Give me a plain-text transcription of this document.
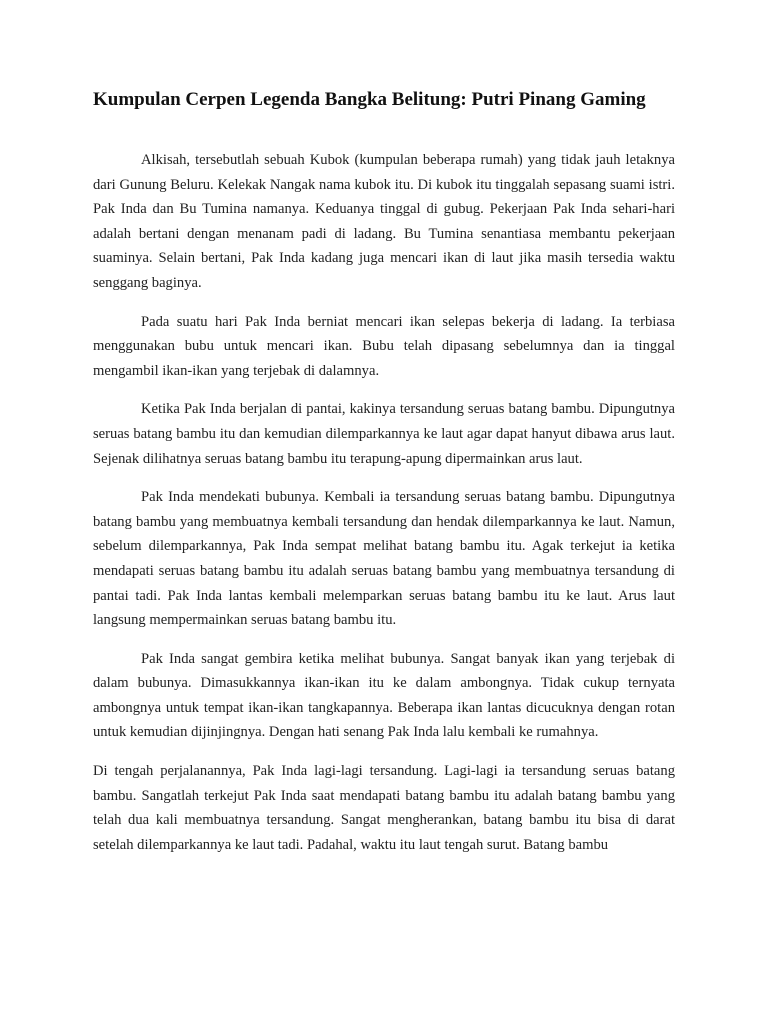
Kumpulan Cerpen Legenda Bangka Belitung: Putri Pinang Gaming

Alkisah, tersebutlah sebuah Kubok (kumpulan beberapa rumah) yang tidak jauh letaknya dari Gunung Beluru. Kelekak Nangak nama kubok itu. Di kubok itu tinggalah sepasang suami istri. Pak Inda dan Bu Tumina namanya. Keduanya tinggal di gubug. Pekerjaan Pak Inda sehari-hari adalah bertani dengan menanam padi di ladang. Bu Tumina senantiasa membantu pekerjaan suaminya. Selain bertani, Pak Inda kadang juga mencari ikan di laut jika masih tersedia waktu senggang baginya.

Pada suatu hari Pak Inda berniat mencari ikan selepas bekerja di ladang. Ia terbiasa menggunakan bubu untuk mencari ikan. Bubu telah dipasang sebelumnya dan ia tinggal mengambil ikan-ikan yang terjebak di dalamnya.

Ketika Pak Inda berjalan di pantai, kakinya tersandung seruas batang bambu. Dipungutnya seruas batang bambu itu dan kemudian dilemparkannya ke laut agar dapat hanyut dibawa arus laut. Sejenak dilihatnya seruas batang bambu itu terapung-apung dipermainkan arus laut.

Pak Inda mendekati bubunya. Kembali ia tersandung seruas batang bambu. Dipungutnya batang bambu yang membuatnya kembali tersandung dan hendak dilemparkannya ke laut. Namun, sebelum dilemparkannya, Pak Inda sempat melihat batang bambu itu. Agak terkejut ia ketika mendapati seruas batang bambu itu adalah seruas batang bambu yang membuatnya tersandung di pantai tadi. Pak Inda lantas kembali melemparkan seruas batang bambu itu ke laut. Arus laut langsung mempermainkan seruas batang bambu itu.

Pak Inda sangat gembira ketika melihat bubunya. Sangat banyak ikan yang terjebak di dalam bubunya. Dimasukkannya ikan-ikan itu ke dalam ambongnya. Tidak cukup ternyata ambongnya untuk tempat ikan-ikan tangkapannya. Beberapa ikan lantas dicucuknya dengan rotan untuk kemudian dijinjingnya. Dengan hati senang Pak Inda lalu kembali ke rumahnya.

Di tengah perjalanannya, Pak Inda lagi-lagi tersandung. Lagi-lagi ia tersandung seruas batang bambu. Sangatlah terkejut Pak Inda saat mendapati batang bambu itu adalah batang bambu yang telah dua kali membuatnya tersandung. Sangat mengherankan, batang bambu itu bisa di darat setelah dilemparkannya ke laut tadi. Padahal, waktu itu laut tengah surut. Batang bambu
